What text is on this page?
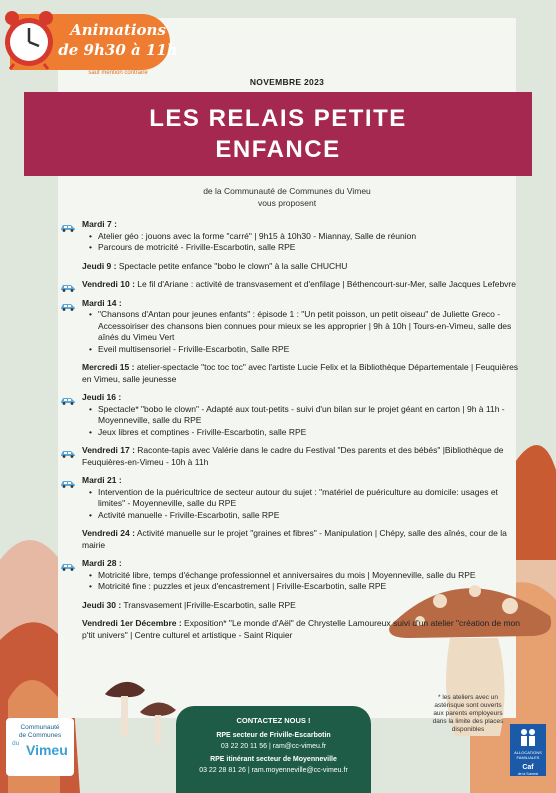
Animations
de 9h30 à 11h
sauf mention contraire
NOVEMBRE 2023
LES RELAIS PETITE
ENFANCE
de la Communauté de Communes du Vimeu
vous proposent
Mardi 7 :
• Atelier géo : jouons avec la forme "carré" | 9h15 à 10h30 - Miannay, Salle de réunion
• Parcours de motricité - Friville-Escarbotin, salle RPE
Jeudi 9 : Spectacle petite enfance "bobo le clown" à la salle CHUCHU
Vendredi 10 : Le fil d'Ariane : activité de transvasement et d'enfilage | Béthencourt-sur-Mer, salle Jacques Lefebvre
Mardi 14 :
• "Chansons d'Antan pour jeunes enfants" : épisode 1 : "Un petit poisson, un petit oiseau" de Juliette Greco - Accessoiriser des chansons bien connues pour mieux se les approprier | 9h à 10h | Tours-en-Vimeu, salle des aînés du Vimeu Vert
• Eveil multisensoriel - Friville-Escarbotin, Salle RPE
Mercredi 15 : atelier-spectacle "toc toc toc" avec l'artiste Lucie Felix et la Bibliothèque Départementale | Feuquières en Vimeu, salle jeunesse
Jeudi 16 :
• Spectacle* "bobo le clown" - Adapté aux tout-petits - suivi d'un bilan sur le projet géant en carton | 9h à 11h - Moyenneville, salle du RPE
• Jeux libres et comptines - Friville-Escarbotin, salle RPE
Vendredi 17 : Raconte-tapis avec Valérie dans le cadre du Festival "Des parents et des bébés" |Bibliothèque de Feuquières-en-Vimeu - 10h à 11h
Mardi 21 :
• Intervention de la puéricultrice de secteur autour du sujet : "matériel de puériculture au domicile: usages et limites" - Moyenneville, salle du RPE
• Activité manuelle - Friville-Escarbotin, salle RPE
Vendredi 24 : Activité manuelle sur le projet "graines et fibres" - Manipulation | Chépy, salle des aînés, cour de la mairie
Mardi 28 :
• Motricité libre, temps d'échange professionnel et anniversaires du mois | Moyenneville, salle du RPE
• Motricité fine : puzzles et jeux d'encastrement | Friville-Escarbotin, salle RPE
Jeudi 30 : Transvasement |Friville-Escarbotin, salle RPE
Vendredi 1er Décembre : Exposition* "Le monde d'Aël" de Chrystelle Lamoureux suivi d'un atelier "création de mon p'tit univers" | Centre culturel et artistique - Saint Riquier
CONTACTEZ NOUS !
RPE secteur de Friville-Escarbotin
03 22 20 11 56 | ram@cc-vimeu.fr
RPE itinérant secteur de Moyenneville
03 22 28 81 26 | ram.moyenneville@cc-vimeu.fr
* les ateliers avec un astérisque sont ouverts aux parents employeurs dans la limite des places disponibles
Communauté
de Communes
du Vimeu	ALLOCATIONS FAMILIALES
Caf
de la Somme
